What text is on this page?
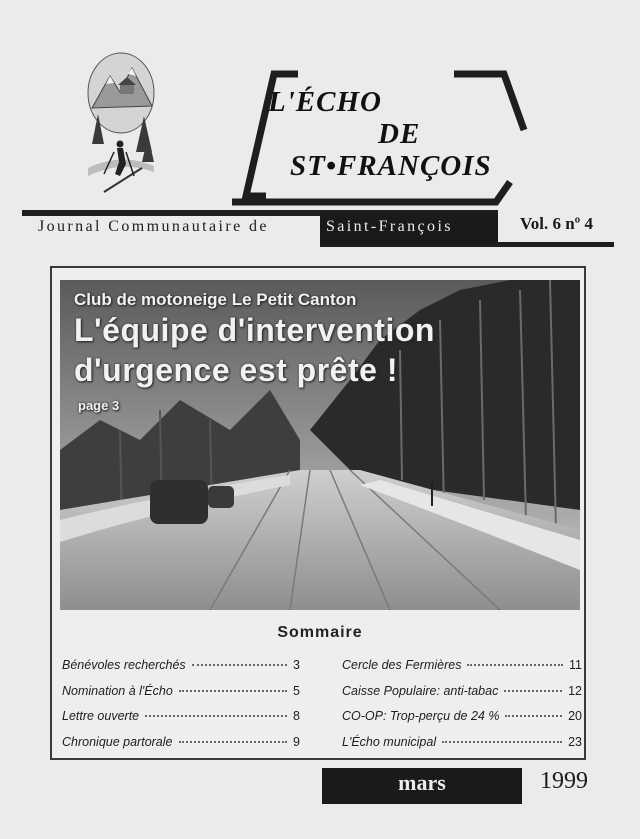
L'ÉCHO
DE
ST•FRANÇOIS
Journal Communautaire de	Saint-François	Vol. 6 nº 4
Club de motoneige Le Petit Canton
L'équipe d'intervention
d'urgence est prête !
page 3
Sommaire
Bénévoles recherchés	3
Nomination à l'Écho	5
Lettre ouverte	8
Chronique partorale	9
Cercle des Fermières	11
Caisse Populaire: anti-tabac	12
CO-OP: Trop-perçu de 24 %	20
L'Écho municipal	23
mars	1999
